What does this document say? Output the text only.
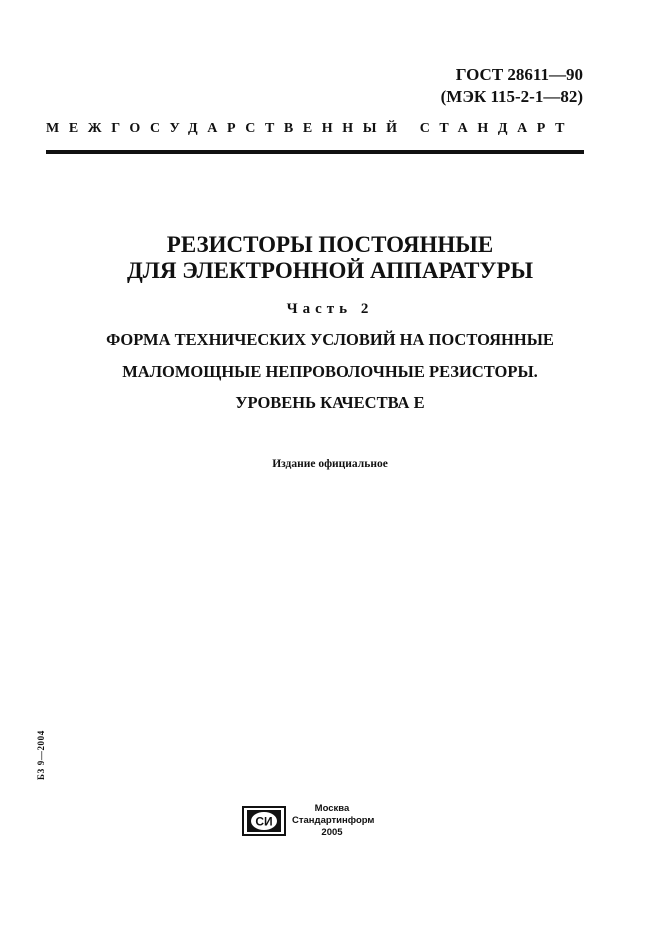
ГОСТ 28611—90
(МЭК 115-2-1—82)
МЕЖГОСУДАРСТВЕННЫЙ СТАНДАРТ
РЕЗИСТОРЫ ПОСТОЯННЫЕ
ДЛЯ ЭЛЕКТРОННОЙ АППАРАТУРЫ
Часть 2
ФОРМА ТЕХНИЧЕСКИХ УСЛОВИЙ НА ПОСТОЯННЫЕ
МАЛОМОЩНЫЕ НЕПРОВОЛОЧНЫЕ РЕЗИСТОРЫ.
УРОВЕНЬ КАЧЕСТВА Е
Издание официальное
БЗ 9—2004
СИ
Москва
Стандартинформ
2005
